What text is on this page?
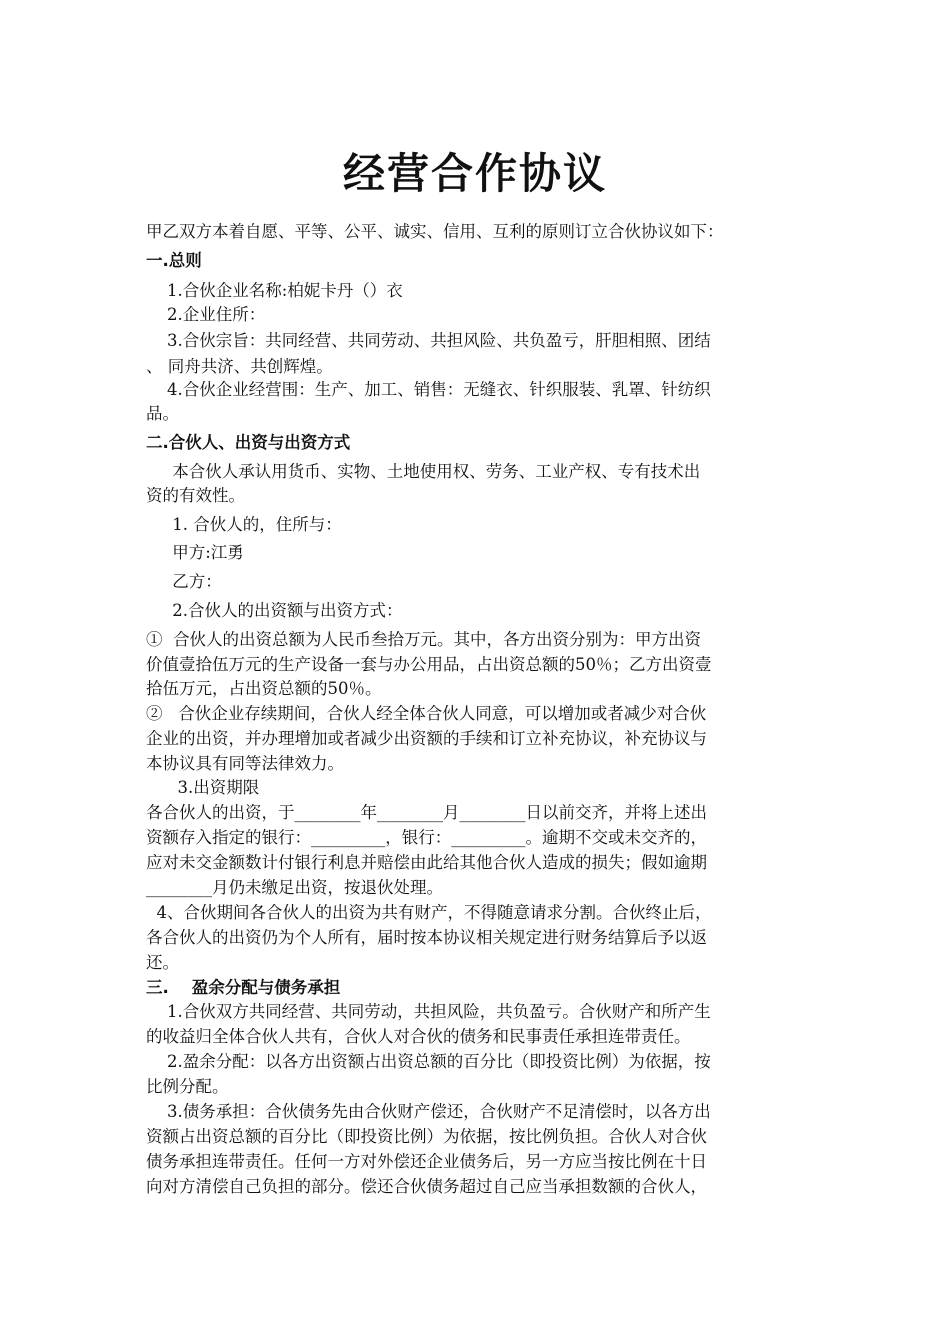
经营合作协议
甲乙双方本着自愿、平等、公平、诚实、信用、互利的原则订立合伙协议如下：
一.总则
1.合伙企业名称:柏妮卡丹（）衣
2.企业住所：
3.合伙宗旨：共同经营、共同劳动、共担风险、共负盈亏，肝胆相照、团结
、 同舟共济、共创辉煌。
4.合伙企业经营围：生产、加工、销售：无缝衣、针织服装、乳罩、针纺织
品。
二.合伙人、出资与出资方式
本合伙人承认用货币、实物、土地使用权、劳务、工业产权、专有技术出
资的有效性。
1. 合伙人的，住所与：
甲方:江勇
乙方：
2.合伙人的出资额与出资方式：
①  合伙人的出资总额为人民币叁拾万元。其中，各方出资分别为：甲方出资
价值壹拾伍万元的生产设备一套与办公用品，占出资总额的50％；乙方出资壹
拾伍万元，占出资总额的50％。
②   合伙企业存续期间，合伙人经全体合伙人同意，可以增加或者减少对合伙
企业的出资，并办理增加或者减少出资额的手续和订立补充协议，补充协议与
本协议具有同等法律效力。
3.出资期限
各合伙人的出资，于________年________月________日以前交齐，并将上述出
资额存入指定的银行：_________，银行：_________。逾期不交或未交齐的，
应对未交金额数计付银行利息并赔偿由此给其他合伙人造成的损失；假如逾期
________月仍未缴足出资，按退伙处理。
4、合伙期间各合伙人的出资为共有财产，不得随意请求分割。合伙终止后，
各合伙人的出资仍为个人所有，届时按本协议相关规定进行财务结算后予以返
还。
三.    盈余分配与债务承担
1.合伙双方共同经营、共同劳动，共担风险，共负盈亏。合伙财产和所产生
的收益归全体合伙人共有，合伙人对合伙的债务和民事责任承担连带责任。
2.盈余分配：以各方出资额占出资总额的百分比（即投资比例）为依据，按
比例分配。
3.债务承担：合伙债务先由合伙财产偿还，合伙财产不足清偿时，以各方出
资额占出资总额的百分比（即投资比例）为依据，按比例负担。合伙人对合伙
债务承担连带责任。任何一方对外偿还企业债务后，另一方应当按比例在十日
向对方清偿自己负担的部分。偿还合伙债务超过自己应当承担数额的合伙人，
